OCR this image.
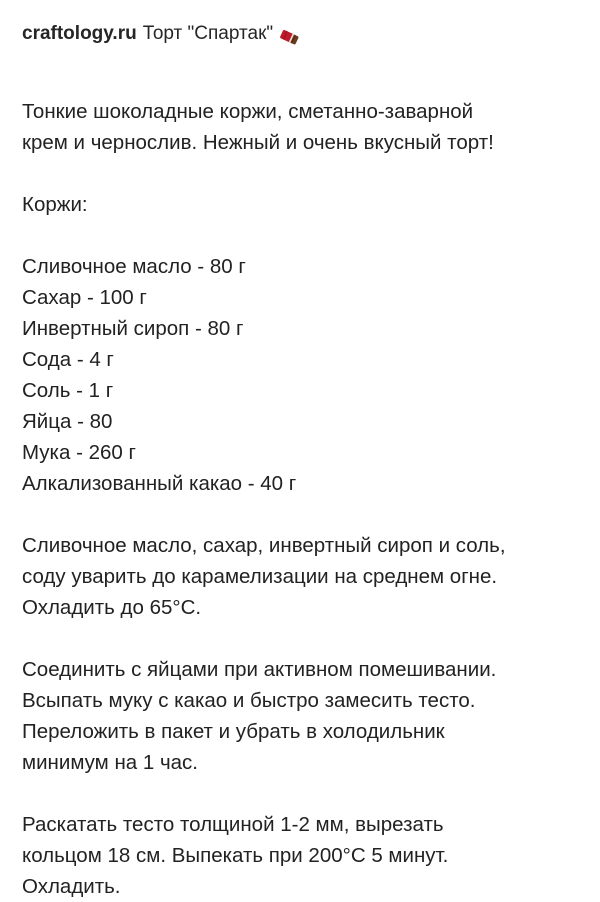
craftology.ru Торт "Спартак"

Тонкие шоколадные коржи, сметанно-заварной

крем и чернослив. Нежный и очень вкусный торт!

Коржи:

Сливочное масло - 80 г
Сахар - 100 г
Инвертный сироп - 80 г
Сода - 4 г
Соль - 1 г
Яйца - 80
Мука - 260 г
Алкализованный какао - 40 г

Сливочное масло, сахар, инвертный сироп и соль,

соду уварить до карамелизации на среднем огне.

Охладить до 65°C.

Соединить с яйцами при активном помешивании.

Всыпать муку с какао и быстро замесить тесто.

Переложить в пакет и убрать в холодильник

минимум на 1 час.

Раскатать тесто толщиной 1-2 мм, вырезать

кольцом 18 см. Выпекать при 200°C 5 минут.

Охладить.
